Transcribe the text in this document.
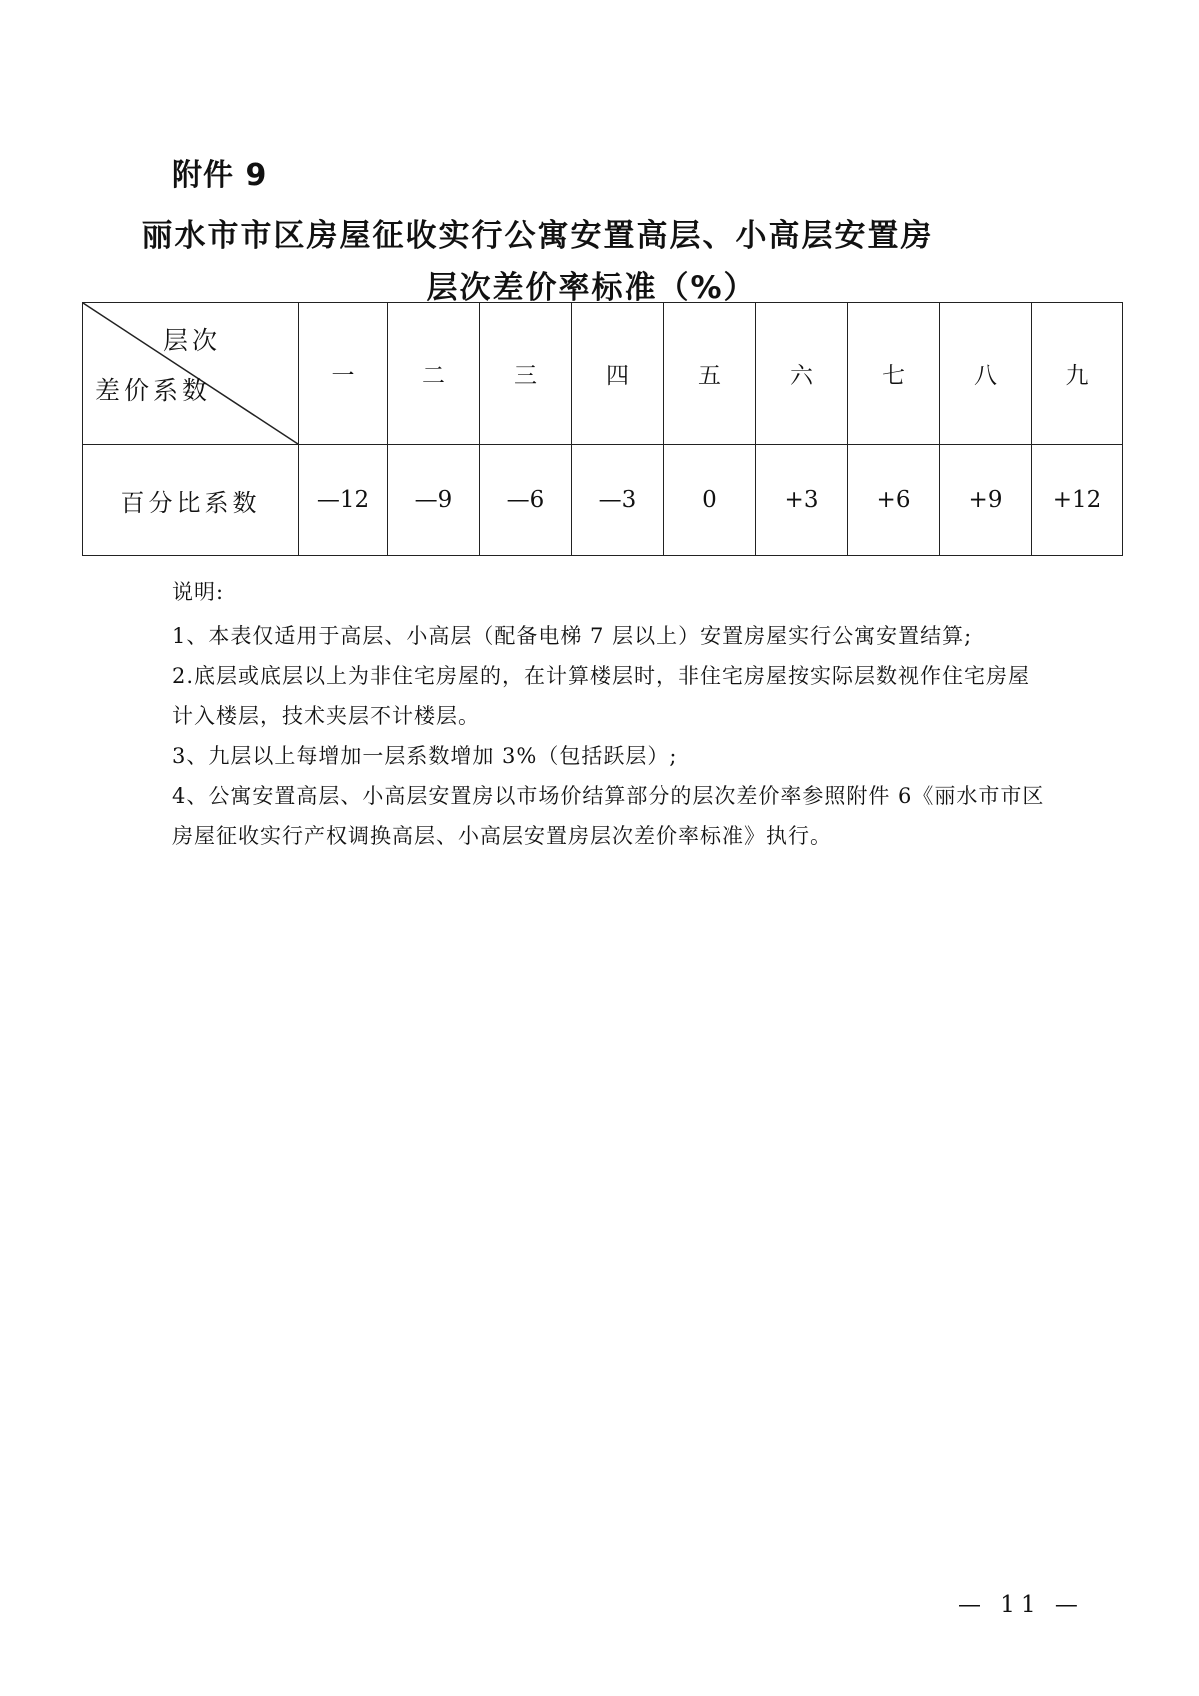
附件 9
丽水市市区房屋征收实行公寓安置高层、小高层安置房
层次差价率标准（%）
层次
差价系数	一	二	三	四	五	六	七	八	九
百分比系数	—12	—9	—6	—3	0	+3	+6	+9	+12

说明:

1、本表仅适用于高层、小高层（配备电梯 7 层以上）安置房屋实行公寓安置结算;

2.底层或底层以上为非住宅房屋的，在计算楼层时，非住宅房屋按实际层数视作住宅房屋计入楼层，技术夹层不计楼层。

3、九层以上每增加一层系数增加 3%（包括跃层）;

4、公寓安置高层、小高层安置房以市场价结算部分的层次差价率参照附件 6《丽水市市区房屋征收实行产权调换高层、小高层安置房层次差价率标准》执行。

— 11 —
